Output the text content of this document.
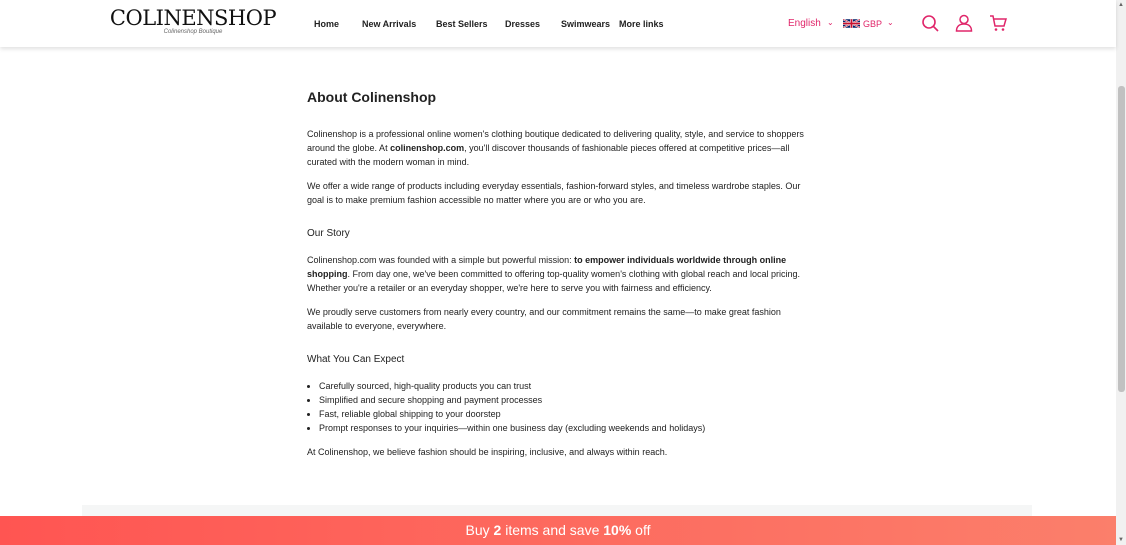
COLINENSHOP
Colinenshop Boutique
Home	New Arrivals Best Sellers Dresses Swimwears More links	English ⌄	GBP ⌄
About Colinenshop

Colinenshop is a professional online women's clothing boutique dedicated to delivering quality, style, and service to shoppers around the globe. At colinenshop.com, you'll discover thousands of fashionable pieces offered at competitive prices—all curated with the modern woman in mind.

We offer a wide range of products including everyday essentials, fashion-forward styles, and timeless wardrobe staples. Our goal is to make premium fashion accessible no matter where you are or who you are.

Our Story

Colinenshop.com was founded with a simple but powerful mission: to empower individuals worldwide through online shopping. From day one, we've been committed to offering top-quality women's clothing with global reach and local pricing. Whether you're a retailer or an everyday shopper, we're here to serve you with fairness and efficiency.

We proudly serve customers from nearly every country, and our commitment remains the same—to make great fashion available to everyone, everywhere.

What You Can Expect
• Carefully sourced, high-quality products you can trust
• Simplified and secure shopping and payment processes
• Fast, reliable global shipping to your doorstep
• Prompt responses to your inquiries—within one business day (excluding weekends and holidays)

At Colinenshop, we believe fashion should be inspiring, inclusive, and always within reach.

Buy 2 items and save 10% off
▲
▼
